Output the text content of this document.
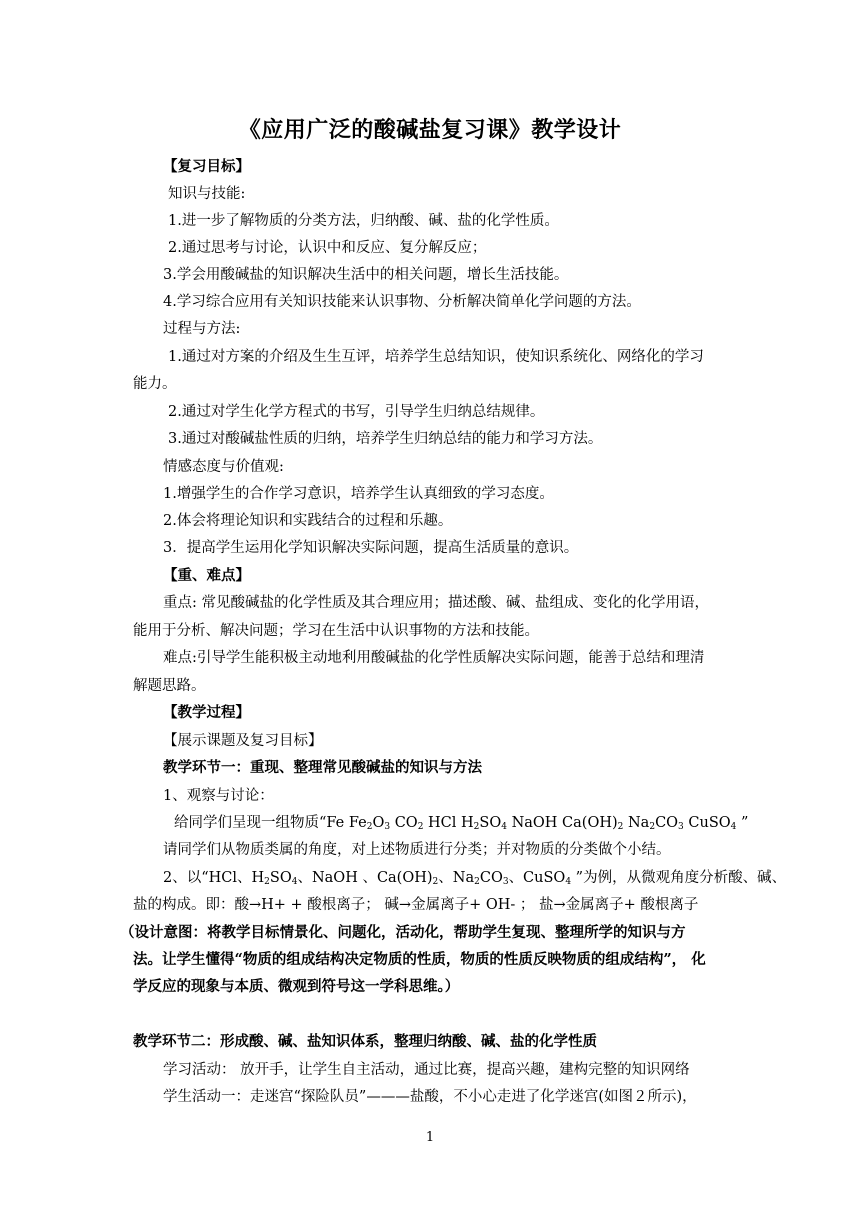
《应用广泛的酸碱盐复习课》教学设计
【复习目标】
知识与技能:
1.进一步了解物质的分类方法，归纳酸、碱、盐的化学性质。
2.通过思考与讨论，认识中和反应、复分解反应；
3.学会用酸碱盐的知识解决生活中的相关问题，增长生活技能。
4.学习综合应用有关知识技能来认识事物、分析解决简单化学问题的方法。
过程与方法:
1.通过对方案的介绍及生生互评，培养学生总结知识，使知识系统化、网络化的学习
能力。
2.通过对学生化学方程式的书写，引导学生归纳总结规律。
3.通过对酸碱盐性质的归纳，培养学生归纳总结的能力和学习方法。
情感态度与价值观:
1.增强学生的合作学习意识，培养学生认真细致的学习态度。
2.体会将理论知识和实践结合的过程和乐趣。
3．提高学生运用化学知识解决实际问题，提高生活质量的意识。
【重、难点】
重点: 常见酸碱盐的化学性质及其合理应用；描述酸、碱、盐组成、变化的化学用语，
能用于分析、解决问题；学习在生活中认识事物的方法和技能。
难点:引导学生能积极主动地利用酸碱盐的化学性质解决实际问题，能善于总结和理清
解题思路。
【教学过程】
【展示课题及复习目标】
教学环节一：重现、整理常见酸碱盐的知识与方法
1、观察与讨论：
给同学们呈现一组物质“Fe $Fe_2O_3$ $CO_2$ HCl $H_2SO_4$ NaOH $Ca(OH)_2$ $Na_2CO_3$ CuSO$_4$ ”
请同学们从物质类属的角度，对上述物质进行分类；并对物质的分类做个小结。
2、以“HCl、$H_2SO_4$、NaOH 、$Ca(OH)_2$、$Na_2CO_3$、CuSO$_4$ ”为例，从微观角度分析酸、碱、
盐的构成。即：酸→H+ + 酸根离子； 碱→金属离子+ OH- ； 盐→金属离子+ 酸根离子
（设计意图：将教学目标情景化、问题化，活动化，帮助学生复现、整理所学的知识与方
法。让学生懂得“物质的组成结构决定物质的性质，物质的性质反映物质的组成结构”， 化
学反应的现象与本质、微观到符号这一学科思维。）
教学环节二：形成酸、碱、盐知识体系，整理归纳酸、碱、盐的化学性质
学习活动： 放开手，让学生自主活动，通过比赛，提高兴趣，建构完整的知识网络
学生活动一：走迷宫“探险队员”———盐酸，不小心走进了化学迷宫(如图２所示)，
1
